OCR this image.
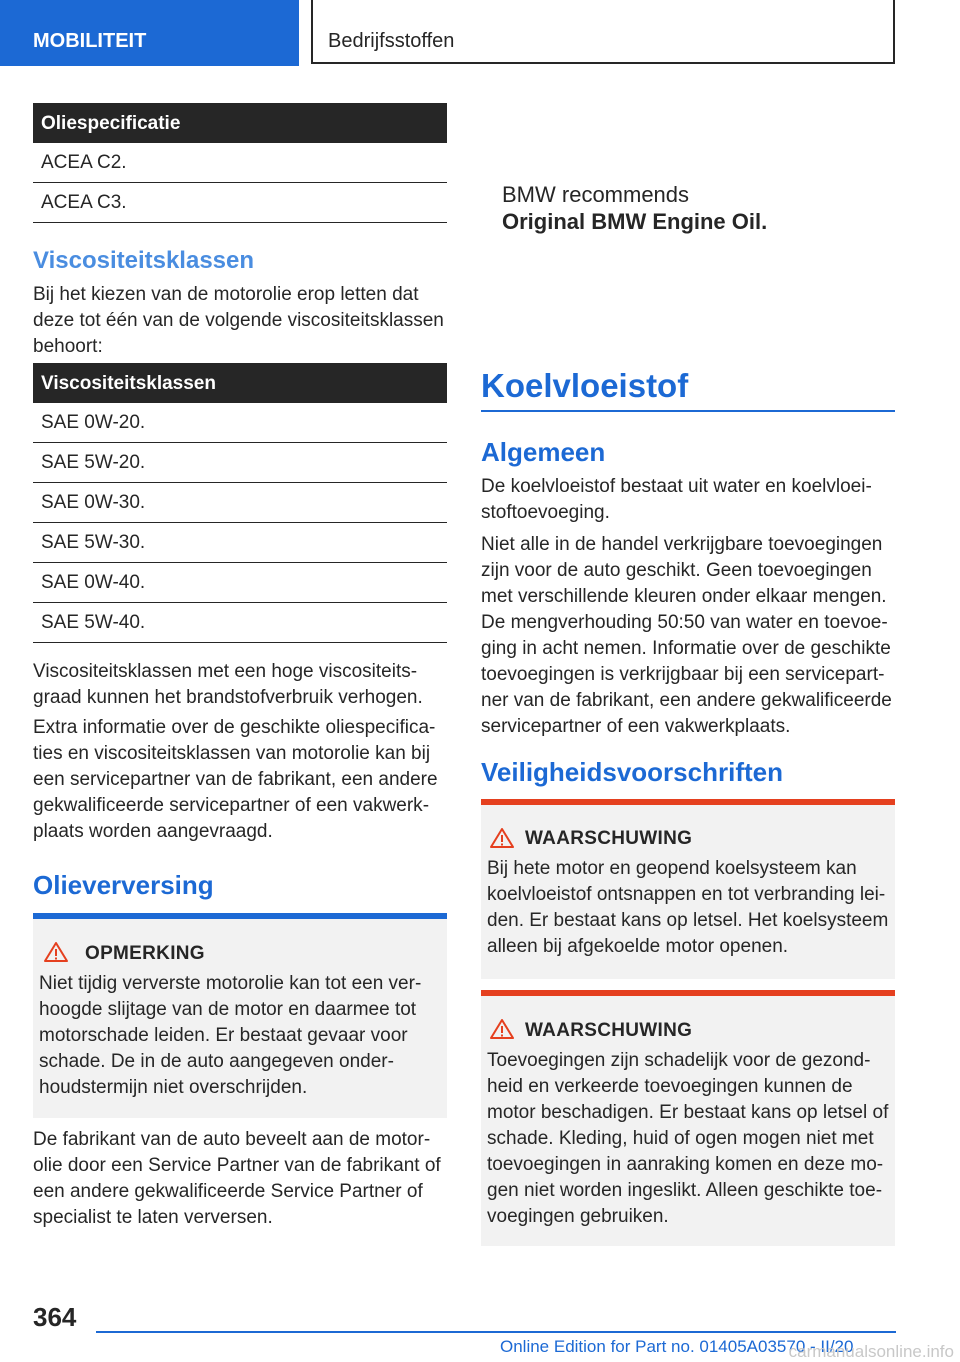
MOBILITEIT	Bedrijfsstoffen
Oliespecificatie
ACEA C2.
ACEA C3.
Viscositeitsklassen
Bij het kiezen van de motorolie erop letten dat deze tot één van de volgende viscositeitsklassen behoort:
Viscositeitsklassen
SAE 0W-20.
SAE 5W-20.
SAE 0W-30.
SAE 5W-30.
SAE 0W-40.
SAE 5W-40.
Viscositeitsklassen met een hoge viscositeitsgraad kunnen het brandstofverbruik verhogen.
Extra informatie over de geschikte oliespecificaties en viscositeitsklassen van motorolie kan bij een servicepartner van de fabrikant, een andere gekwalificeerde servicepartner of een vakwerkplaats worden aangevraagd.
Olieverversing
OPMERKING
Niet tijdig ververste motorolie kan tot een verhoogde slijtage van de motor en daarmee tot motorschade leiden. Er bestaat gevaar voor schade. De in de auto aangegeven onderhoudstermijn niet overschrijden.
De fabrikant van de auto beveelt aan de motorolie door een Service Partner van de fabrikant of een andere gekwalificeerde Service Partner of specialist te laten verversen.
BMW recommends
Original BMW Engine Oil.
Koelvloeistof
Algemeen
De koelvloeistof bestaat uit water en koelvloeistoftoevoeging.
Niet alle in de handel verkrijgbare toevoegingen zijn voor de auto geschikt. Geen toevoegingen met verschillende kleuren onder elkaar mengen. De mengverhouding 50:50 van water en toevoeging in acht nemen. Informatie over de geschikte toevoegingen is verkrijgbaar bij een servicepartner van de fabrikant, een andere gekwalificeerde servicepartner of een vakwerkplaats.
Veiligheidsvoorschriften
WAARSCHUWING
Bij hete motor en geopend koelsysteem kan koelvloeistof ontsnappen en tot verbranding leiden. Er bestaat kans op letsel. Het koelsysteem alleen bij afgekoelde motor openen.
WAARSCHUWING
Toevoegingen zijn schadelijk voor de gezondheid en verkeerde toevoegingen kunnen de motor beschadigen. Er bestaat kans op letsel of schade. Kleding, huid of ogen mogen niet met toevoegingen in aanraking komen en deze mogen niet worden ingeslikt. Alleen geschikte toevoegingen gebruiken.
364
Online Edition for Part no. 01405A03570 - II/20
carmanualsonline.info
